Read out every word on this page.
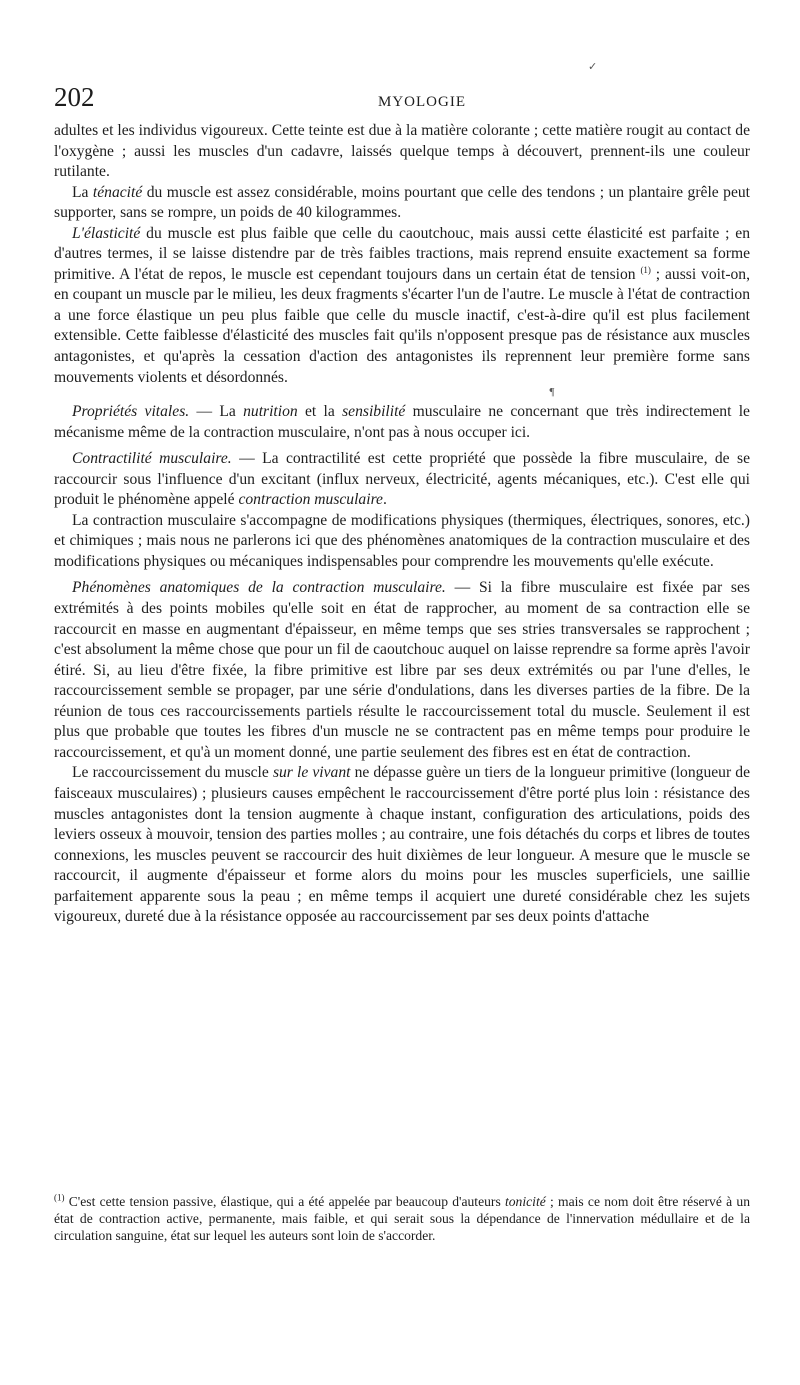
✓
202	MYOLOGIE

adultes et les individus vigoureux. Cette teinte est due à la matière colorante ; cette matière rougit au contact de l'oxygène ; aussi les muscles d'un cadavre, laissés quelque temps à découvert, prennent-ils une couleur rutilante.

La ténacité du muscle est assez considérable, moins pourtant que celle des tendons ; un plantaire grêle peut supporter, sans se rompre, un poids de 40 kilogrammes.

L'élasticité du muscle est plus faible que celle du caoutchouc, mais aussi cette élasticité est parfaite ; en d'autres termes, il se laisse distendre par de très faibles tractions, mais reprend ensuite exactement sa forme primitive. A l'état de repos, le muscle est cependant toujours dans un certain état de tension $^{(1)}$ ; aussi voit-on, en coupant un muscle par le milieu, les deux fragments s'écarter l'un de l'autre. Le muscle à l'état de contraction a une force élastique un peu plus faible que celle du muscle inactif, c'est-à-dire qu'il est plus facilement extensible. Cette faiblesse d'élasticité des muscles fait qu'ils n'opposent presque pas de résistance aux muscles antagonistes, et qu'après la cessation d'action des antagonistes ils reprennent leur première forme sans mouvements violents et désordonnés.

¶

Propriétés vitales. — La nutrition et la sensibilité musculaire ne concernant que très indirectement le mécanisme même de la contraction musculaire, n'ont pas à nous occuper ici.

Contractilité musculaire. — La contractilité est cette propriété que possède la fibre musculaire, de se raccourcir sous l'influence d'un excitant (influx nerveux, électricité, agents mécaniques, etc.). C'est elle qui produit le phénomène appelé contraction musculaire.

La contraction musculaire s'accompagne de modifications physiques (thermiques, électriques, sonores, etc.) et chimiques ; mais nous ne parlerons ici que des phénomènes anatomiques de la contraction musculaire et des modifications physiques ou mécaniques indispensables pour comprendre les mouvements qu'elle exécute.

Phénomènes anatomiques de la contraction musculaire. — Si la fibre musculaire est fixée par ses extrémités à des points mobiles qu'elle soit en état de rapprocher, au moment de sa contraction elle se raccourcit en masse en augmentant d'épaisseur, en même temps que ses stries transversales se rapprochent ; c'est absolument la même chose que pour un fil de caoutchouc auquel on laisse reprendre sa forme après l'avoir étiré. Si, au lieu d'être fixée, la fibre primitive est libre par ses deux extrémités ou par l'une d'elles, le raccourcissement semble se propager, par une série d'ondulations, dans les diverses parties de la fibre. De la réunion de tous ces raccourcissements partiels résulte le raccourcissement total du muscle. Seulement il est plus que probable que toutes les fibres d'un muscle ne se contractent pas en même temps pour produire le raccourcissement, et qu'à un moment donné, une partie seulement des fibres est en état de contraction.

Le raccourcissement du muscle sur le vivant ne dépasse guère un tiers de la longueur primitive (longueur de faisceaux musculaires) ; plusieurs causes empêchent le raccourcissement d'être porté plus loin : résistance des muscles antagonistes dont la tension augmente à chaque instant, configuration des articulations, poids des leviers osseux à mouvoir, tension des parties molles ; au contraire, une fois détachés du corps et libres de toutes connexions, les muscles peuvent se raccourcir des huit dixièmes de leur longueur. A mesure que le muscle se raccourcit, il augmente d'épaisseur et forme alors du moins pour les muscles superficiels, une saillie parfaitement apparente sous la peau ; en même temps il acquiert une dureté considérable chez les sujets vigoureux, dureté due à la résistance opposée au raccourcissement par ses deux points d'attache

$^{(1)}$ C'est cette tension passive, élastique, qui a été appelée par beaucoup d'auteurs tonicité ; mais ce nom doit être réservé à un état de contraction active, permanente, mais faible, et qui serait sous la dépendance de l'innervation médullaire et de la circulation sanguine, état sur lequel les auteurs sont loin de s'accorder.
